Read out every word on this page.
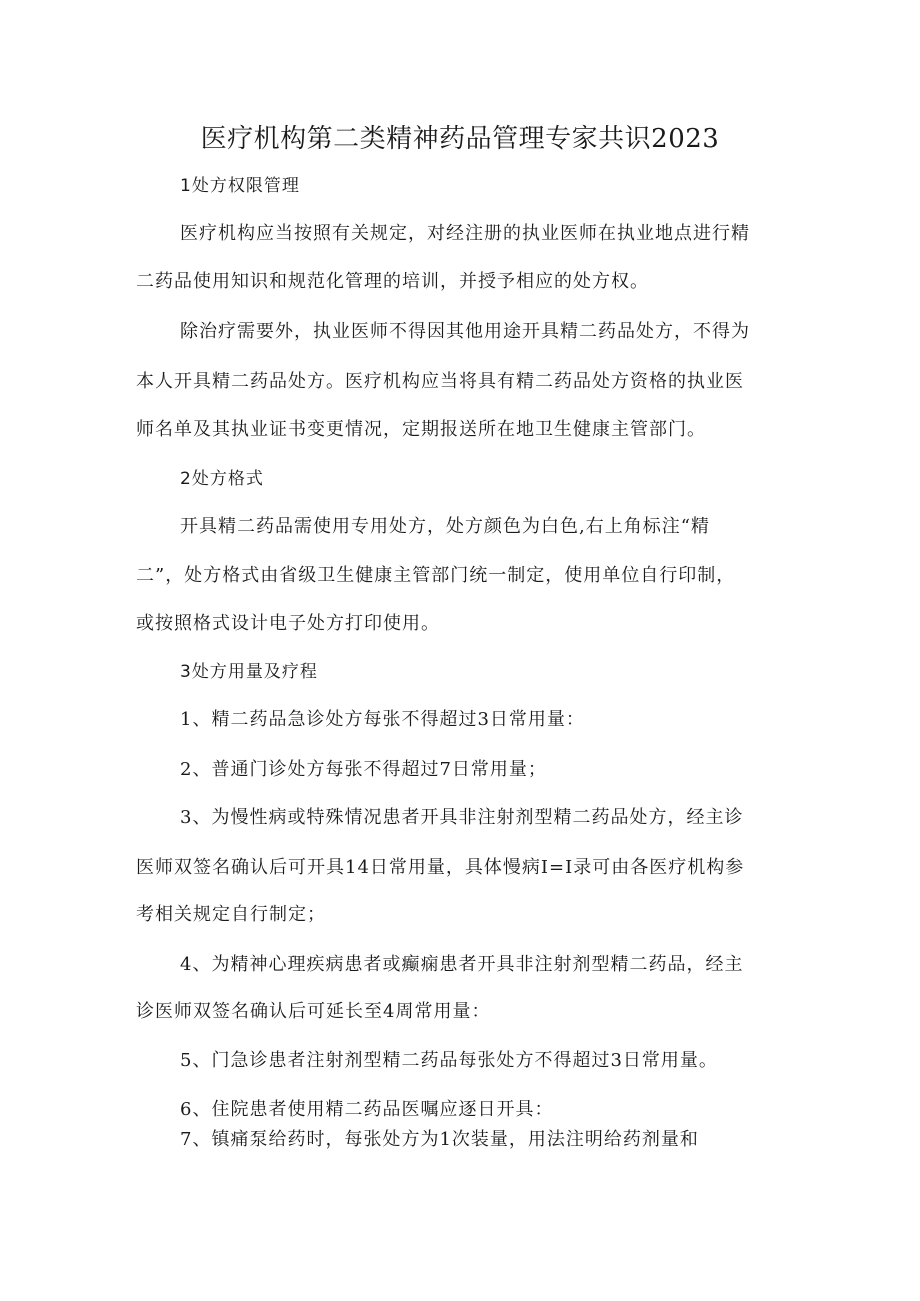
医疗机构第二类精神药品管理专家共识2023

1处方权限管理

医疗机构应当按照有关规定，对经注册的执业医师在执业地点进行精

二药品使用知识和规范化管理的培训，并授予相应的处方权。

除治疗需要外，执业医师不得因其他用途开具精二药品处方，不得为

本人开具精二药品处方。医疗机构应当将具有精二药品处方资格的执业医

师名单及其执业证书变更情况，定期报送所在地卫生健康主管部门。

2处方格式

开具精二药品需使用专用处方，处方颜色为白色,右上角标注“精

二”，处方格式由省级卫生健康主管部门统一制定，使用单位自行印制，

或按照格式设计电子处方打印使用。

3处方用量及疗程

1、精二药品急诊处方每张不得超过3日常用量：

2、普通门诊处方每张不得超过7日常用量；

3、为慢性病或特殊情况患者开具非注射剂型精二药品处方，经主诊

医师双签名确认后可开具14日常用量，具体慢病I=I录可由各医疗机构参

考相关规定自行制定；

4、为精神心理疾病患者或癫痫患者开具非注射剂型精二药品，经主

诊医师双签名确认后可延长至4周常用量：

5、门急诊患者注射剂型精二药品每张处方不得超过3日常用量。

6、住院患者使用精二药品医嘱应逐日开具：

7、镇痛泵给药时，每张处方为1次装量，用法注明给药剂量和
